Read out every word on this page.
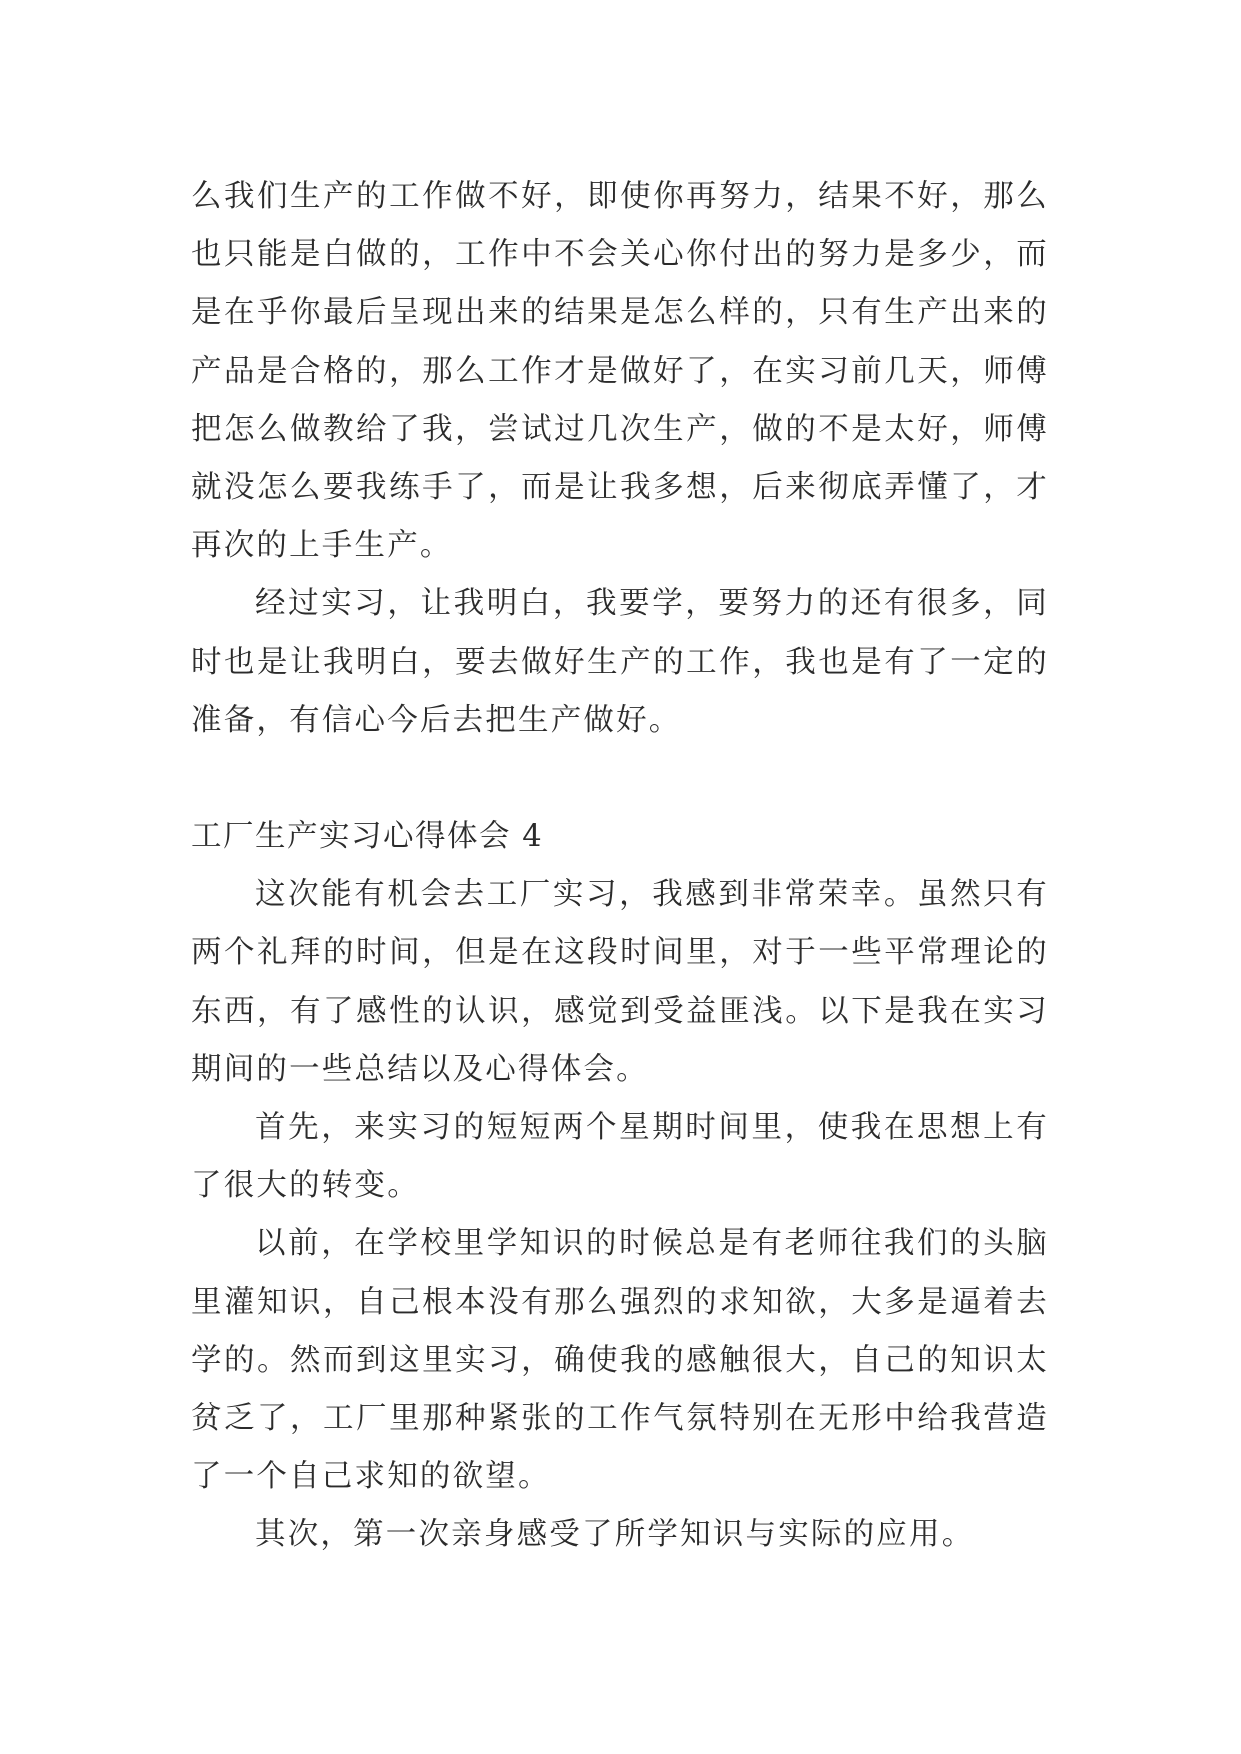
么我们生产的工作做不好，即使你再努力，结果不好，那么也只能是白做的，工作中不会关心你付出的努力是多少，而是在乎你最后呈现出来的结果是怎么样的，只有生产出来的产品是合格的，那么工作才是做好了，在实习前几天，师傅把怎么做教给了我，尝试过几次生产，做的不是太好，师傅就没怎么要我练手了，而是让我多想，后来彻底弄懂了，才再次的上手生产。

经过实习，让我明白，我要学，要努力的还有很多，同时也是让我明白，要去做好生产的工作，我也是有了一定的准备，有信心今后去把生产做好。

工厂生产实习心得体会 4

这次能有机会去工厂实习，我感到非常荣幸。虽然只有两个礼拜的时间，但是在这段时间里，对于一些平常理论的东西，有了感性的认识，感觉到受益匪浅。以下是我在实习期间的一些总结以及心得体会。

首先，来实习的短短两个星期时间里，使我在思想上有了很大的转变。

以前，在学校里学知识的时候总是有老师往我们的头脑里灌知识，自己根本没有那么强烈的求知欲，大多是逼着去学的。然而到这里实习，确使我的感触很大，自己的知识太贫乏了，工厂里那种紧张的工作气氛特别在无形中给我营造了一个自己求知的欲望。

其次，第一次亲身感受了所学知识与实际的应用。
